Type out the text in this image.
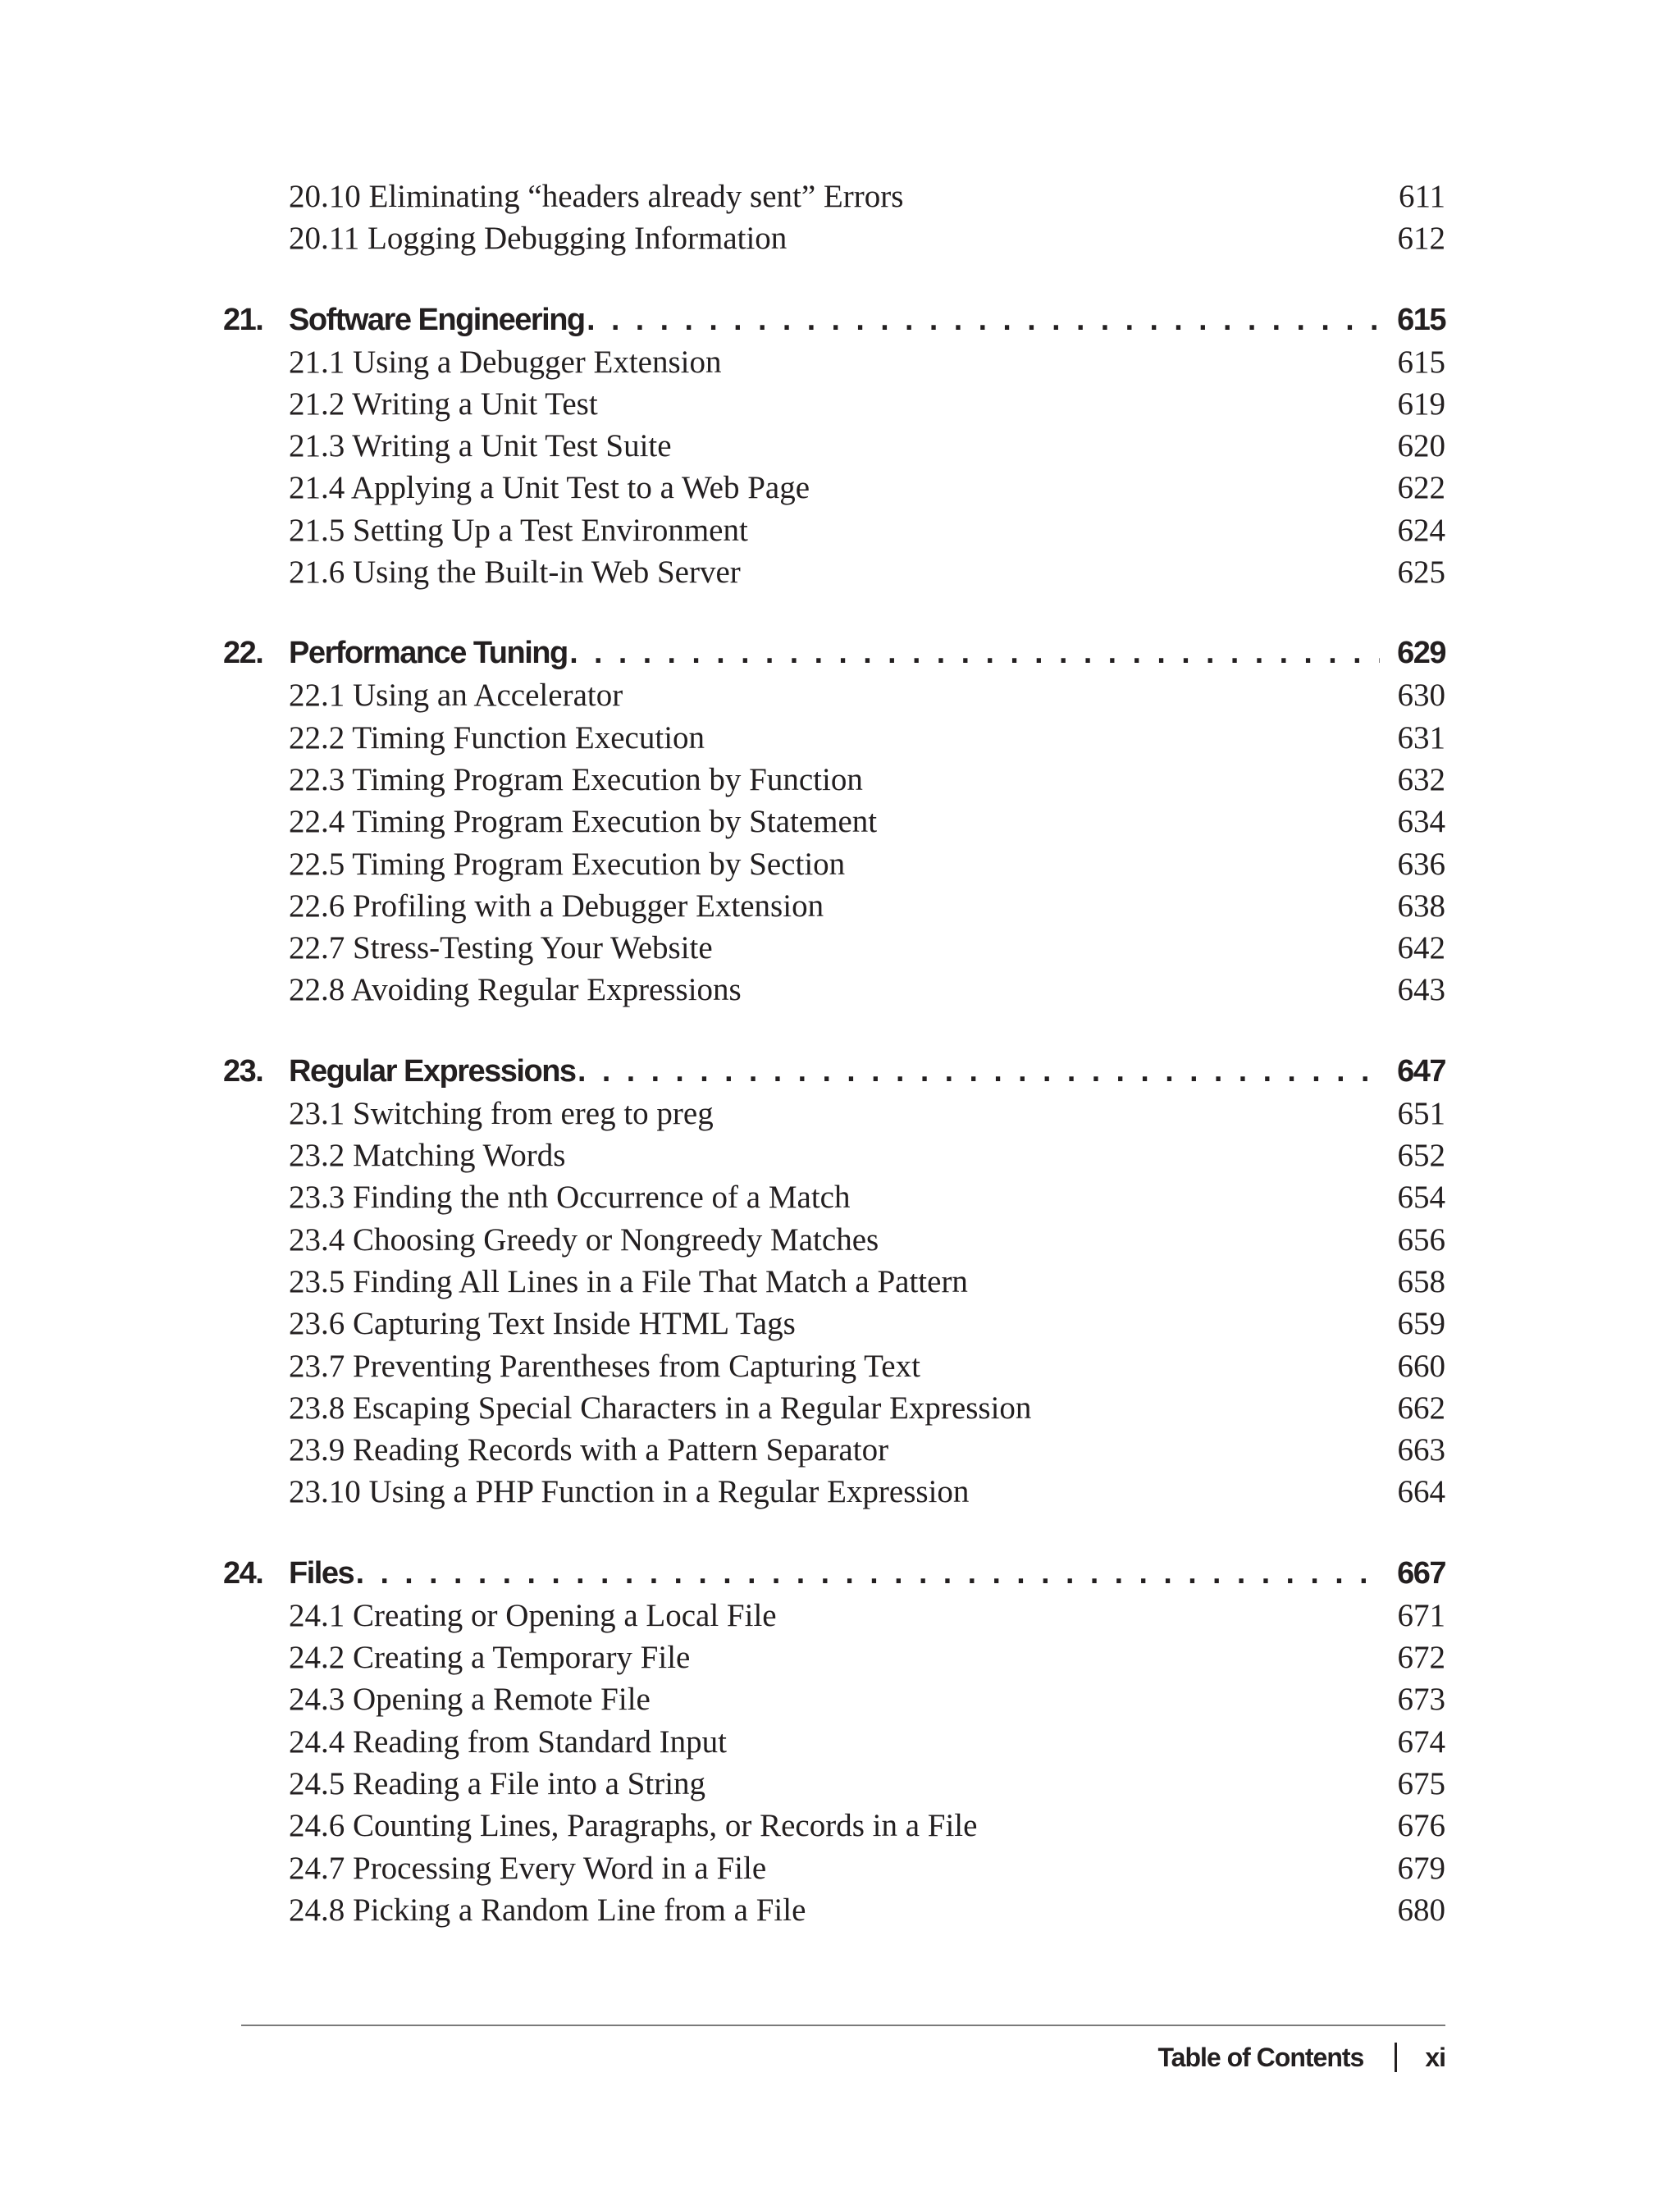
20.10 Eliminating “headers already sent” Errors	611
20.11 Logging Debugging Information	612
21. Software Engineering . . .	615
21.1 Using a Debugger Extension	615
21.2 Writing a Unit Test	619
21.3 Writing a Unit Test Suite	620
21.4 Applying a Unit Test to a Web Page	622
21.5 Setting Up a Test Environment	624
21.6 Using the Built-in Web Server	625
22. Performance Tuning . . .	629
22.1 Using an Accelerator	630
22.2 Timing Function Execution	631
22.3 Timing Program Execution by Function	632
22.4 Timing Program Execution by Statement	634
22.5 Timing Program Execution by Section	636
22.6 Profiling with a Debugger Extension	638
22.7 Stress-Testing Your Website	642
22.8 Avoiding Regular Expressions	643
23. Regular Expressions . . .	647
23.1 Switching from ereg to preg	651
23.2 Matching Words	652
23.3 Finding the nth Occurrence of a Match	654
23.4 Choosing Greedy or Nongreedy Matches	656
23.5 Finding All Lines in a File That Match a Pattern	658
23.6 Capturing Text Inside HTML Tags	659
23.7 Preventing Parentheses from Capturing Text	660
23.8 Escaping Special Characters in a Regular Expression	662
23.9 Reading Records with a Pattern Separator	663
23.10 Using a PHP Function in a Regular Expression	664
24. Files . . .	667
24.1 Creating or Opening a Local File	671
24.2 Creating a Temporary File	672
24.3 Opening a Remote File	673
24.4 Reading from Standard Input	674
24.5 Reading a File into a String	675
24.6 Counting Lines, Paragraphs, or Records in a File	676
24.7 Processing Every Word in a File	679
24.8 Picking a Random Line from a File	680
Table of Contents xi
